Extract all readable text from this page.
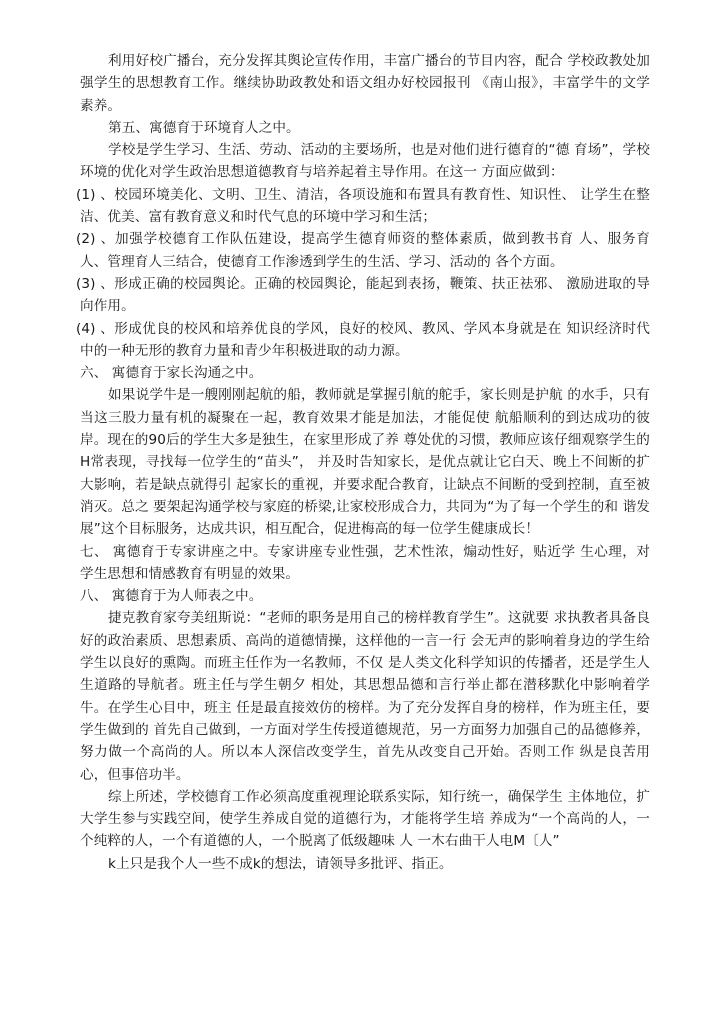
利用好校广播台，充分发挥其舆论宣传作用，丰富广播台的节目内容，配合 学校政教处加强学生的思想教育工作。继续协助政教处和语文组办好校园报刊 《南山报》，丰富学牛的文学素养。

第五、寓德育于环境育人之中。

学校是学生学习、生活、劳动、活动的主要场所，也是对他们进行德育的“德 育场”，学校环境的优化对学生政治思想道德教育与培养起着主导作用。在这一 方面应做到：

(1) 、校园环境美化、文明、卫生、清洁，各项设施和布置具有教育性、知识性、 让学生在整洁、优美、富有教育意义和时代气息的环境中学习和生活；

(2) 、加强学校德育工作队伍建设，提高学生德育师资的整体素质，做到教书育 人、服务育人、管理育人三结合，使德育工作渗透到学生的生活、学习、活动的 各个方面。

(3) 、形成正确的校园舆论。正确的校园舆论，能起到表扬，鞭策、扶正祛邪、 激励进取的导向作用。

(4) 、形成优良的校风和培养优良的学风，良好的校风、教风、学风本身就是在 知识经济时代中的一种无形的教育力量和青少年积极进取的动力源。

六、 寓德育于家长沟通之中。

如果说学牛是一艘刚刚起航的船，教师就是掌握引航的舵手，家长则是护航 的水手，只有当这三股力量有机的凝聚在一起，教育效果才能是加法，才能促使 航船顺利的到达成功的彼岸。现在的90后的学生大多是独生，在家里形成了养 尊处优的习惯，教师应该仔细观察学生的H常表现，寻找每一位学生的“苗头”， 并及时告知家长，是优点就让它白天、晚上不间断的扩大影响，若是缺点就得引 起家长的重视，并要求配合教育，让缺点不间断的受到控制，直至被消灭。总之 要架起沟通学校与家庭的桥梁,让家校形成合力，共同为“为了每一个学生的和 谐发展”这个目标服务，达成共识，相互配合，促进梅高的每一位学生健康成长！

七、 寓德育于专家讲座之中。专家讲座专业性强，艺术性浓，煽动性好，贴近学 生心理，对学生思想和情感教育有明显的效果。

八、 寓德育于为人师表之中。

捷克教育家夸美纽斯说：“老师的职务是用自己的榜样教育学生”。这就要 求执教者具备良好的政治素质、思想素质、高尚的道德情操，这样他的一言一行 会无声的影响着身边的学生给学生以良好的熏陶。而班主任作为一名教师，不仅 是人类文化科学知识的传播者，还是学生人生道路的导航者。班主任与学生朝夕 相处，其思想品德和言行举止都在潜移默化中影响着学牛。在学生心目中，班主 任是最直接效仿的榜样。为了充分发挥自身的榜样，作为班主任，要学生做到的 首先自己做到，一方面对学生传授道德规范，另一方面努力加强自己的品德修养，努力做一个高尚的人。所以本人深信改变学生，首先从改变自己开始。否则工作 纵是良苦用心，但事倍功半。

综上所述，学校德育工作必须高度重视理论联系实际，知行统一，确保学生 主体地位，扩大学生参与实践空间，使学生养成自觉的道德行为，才能将学生培 养成为“一个高尚的人，一个纯粹的人，一个有道德的人，一个脱离了低级趣味 人 一木右曲干人电M〔人”

k上只是我个人一些不成k的想法，请领导多批评、指正。
